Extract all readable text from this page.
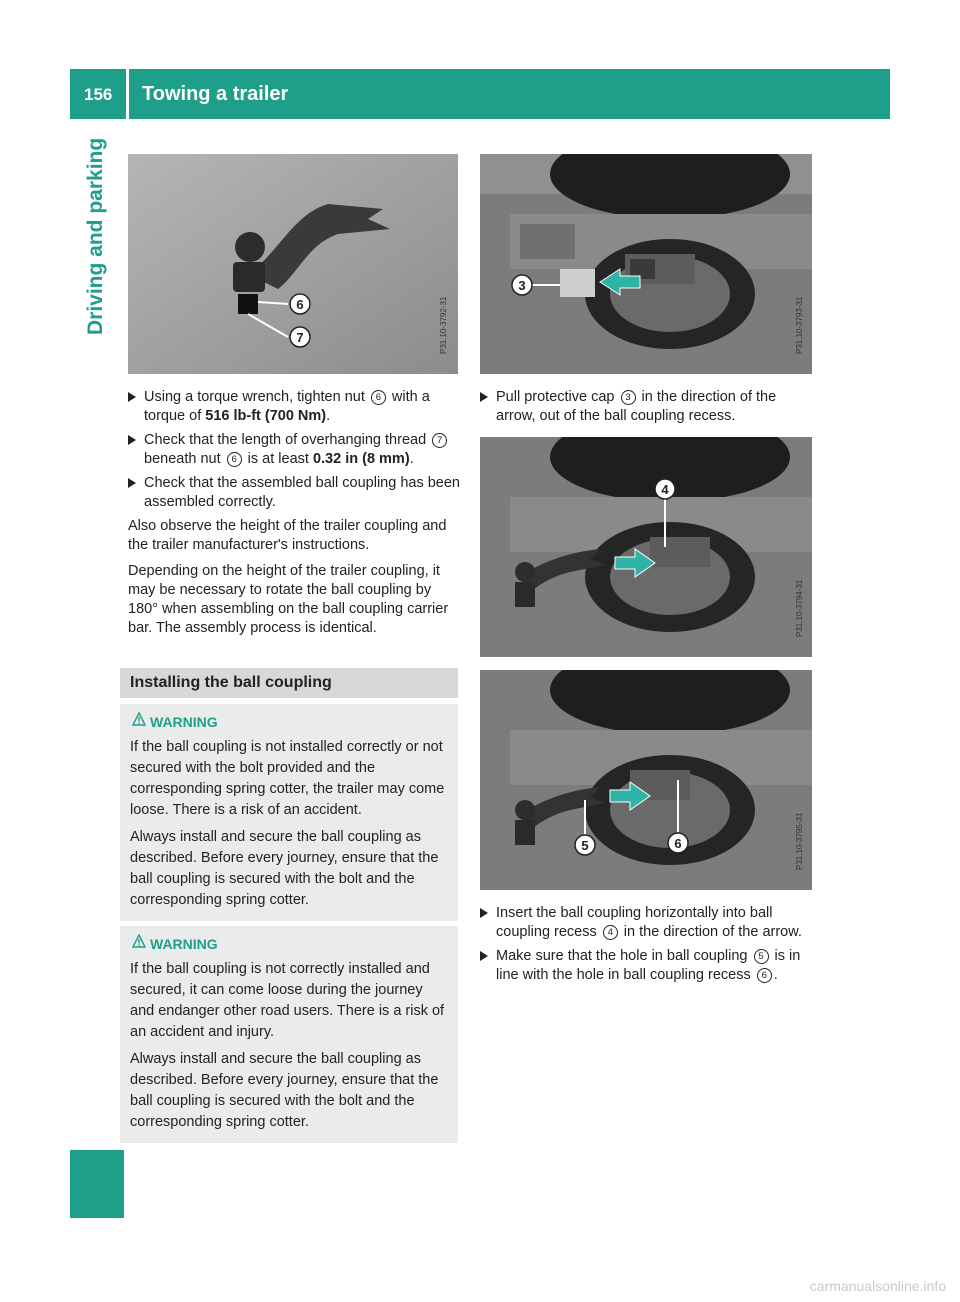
156 Towing a trailer
Driving and parking	6
7	P31.10-3792-31
Using a torque wrench, tighten nut 6 with a torque of 516 lb-ft (700 Nm).
Check that the length of overhanging thread 7 beneath nut 6 is at least 0.32 in (8 mm).
Check that the assembled ball coupling has been assembled correctly.

Also observe the height of the trailer coupling and the trailer manufacturer's instructions.

Depending on the height of the trailer coupling, it may be necessary to rotate the ball coupling by 180° when assembling on the ball coupling carrier bar. The assembly process is identical.

Installing the ball coupling
WARNING

If the ball coupling is not installed correctly or not secured with the bolt provided and the corresponding spring cotter, the trailer may come loose. There is a risk of an accident.

Always install and secure the ball coupling as described. Before every journey, ensure that the ball coupling is secured with the bolt and the corresponding spring cotter.

WARNING

If the ball coupling is not correctly installed and secured, it can come loose during the journey and endanger other road users. There is a risk of an accident and injury.

Always install and secure the ball coupling as described. Before every journey, ensure that the ball coupling is secured with the bolt and the corresponding spring cotter.

3
P31.10-3793-31
Pull protective cap 3 in the direction of the arrow, out of the ball coupling recess.
4
P31.10-3794-31
5	6	P31.10-3795-31
Insert the ball coupling horizontally into ball coupling recess 4 in the direction of the arrow.
Make sure that the hole in ball coupling 5 is in line with the hole in ball coupling recess 6 .
carmanualsonline.info
